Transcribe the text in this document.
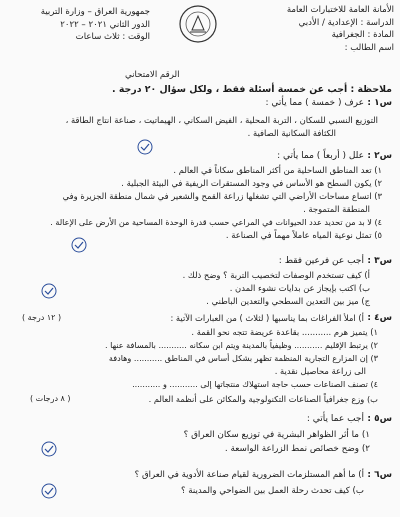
الأمانة العامة للاختبارات العامة
الدراسة : الإعدادية / الأدبي
المادة : الجغرافية
اسم الطالب :
جمهورية العراق – وزارة التربية
الدور الثاني ٢٠٢١ – ٢٠٢٢
الوقت : ثلاث ساعات
الرقم الامتحاني
ملاحظة : أجب عن خمسة أسئلة فقط ، ولكل سؤال ٢٠ درجة .
س١ :
عرف ( خمسة ) مما يأتي :
التوزيع النسبي للسكان ، التربة المحلية ، الفيض السكاني ، الهيماتيت ، صناعة انتاج الطاقة ،
الكثافة السكانية الصافية .
س٢ :
علل ( أربعاً ) مما يأتي :
١) تعد المناطق الساحلية من أكثر المناطق سكاناً في العالم .
٢) يكون السطح هو الأساس في وجود المستقرات الريفية في البيئة الجبلية .
٣) اتساع مساحات الأراضي التي تشغلها زراعة القمح والشعير في شمال منطقة الجزيرة وفي
المنطقة المتموجة .
٤) لا بد من تحديد عدد الحيوانات في المراعي حسب قدرة الوحدة المساحية من الأرض على الإعالة .
٥) تمثل نوعية المياه عاملاً مهماً في الصناعة .
س٣ :
أجب عن فرعين فقط :
أ) كيف تستخدم الوصفات لتخصيب التربة ؟ وضح ذلك .
ب) اكتب بإيجاز عن بدايات نشوء المدن .
ج) ميز بين التعدين السطحي والتعدين الباطني .
س٤ :
أ) املأ الفراغات بما يناسبها ( لثلاث ) من العبارات الآتية :
( ١٢ درجة )
١) يتميز هرم ........... بقاعدة عريضة تتجه نحو القمة .
٢) يرتبط الإقليم ........... وظيفياً بالمدينة ويتم ابن سكانه ........... بالمسافة عنها .
٣) إن المزارع التجارية المنظمة تظهر بشكل أساس في المناطق ........... وهادفة
الى زراعة محاصيل نقدية .
٤) تصنف الصناعات حسب حاجة استهلاك منتجاتها إلى ........... و ...........
ب) وزع جغرافياً الصناعات التكنولوجية والمكائن على أنظمة العالم .
( ٨ درجات )
س٥ :
أجب عما يأتي :
١) ما أثر الظواهر البشرية في توزيع سكان العراق ؟
٢) وضح خصائص نمط الزراعة الواسعة .
س٦ :
أ) ما أهم المستلزمات الضرورية لقيام صناعة الأدوية في العراق ؟
ب) كيف تحدث رحلة العمل بين الضواحي والمدينة ؟
